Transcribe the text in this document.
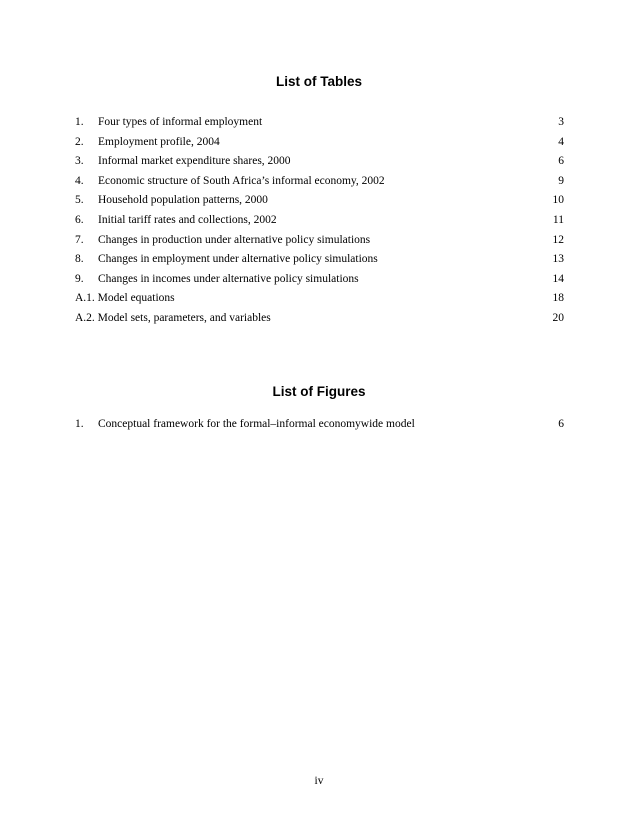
List of Tables
1. Four types of informal employment	3
2. Employment profile, 2004	4
3. Informal market expenditure shares, 2000	6
4. Economic structure of South Africa’s informal economy, 2002	9
5. Household population patterns, 2000	10
6. Initial tariff rates and collections, 2002	11
7. Changes in production under alternative policy simulations	12
8. Changes in employment under alternative policy simulations	13
9. Changes in incomes under alternative policy simulations	14
A.1. Model equations	18
A.2. Model sets, parameters, and variables	20
List of Figures
1. Conceptual framework for the formal–informal economywide model	6
iv
